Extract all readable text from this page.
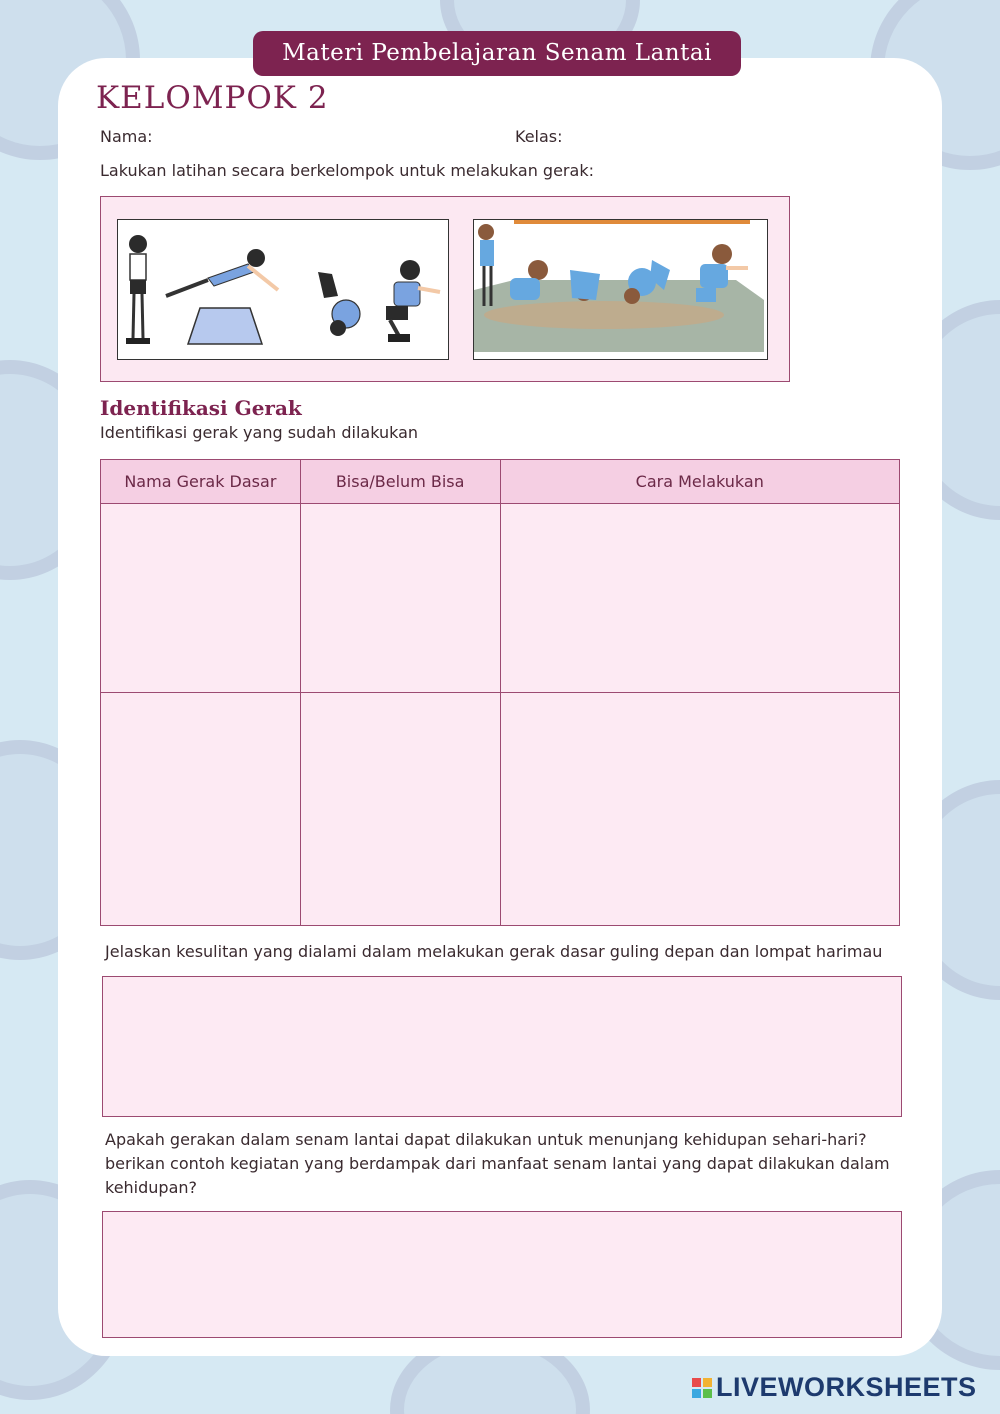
Materi Pembelajaran Senam Lantai
KELOMPOK 2
Nama:	Kelas:
Lakukan latihan secara berkelompok untuk melakukan gerak:
Identifikasi Gerak
Identifikasi gerak yang sudah dilakukan
Nama Gerak Dasar	Bisa/Belum Bisa	Cara Melakukan

Jelaskan kesulitan yang dialami dalam melakukan gerak dasar guling depan dan lompat harimau
Apakah gerakan dalam senam lantai dapat dilakukan untuk menunjang kehidupan sehari-hari? berikan contoh kegiatan yang berdampak dari manfaat senam lantai yang dapat dilakukan dalam kehidupan?
LIVEWORKSHEETS
